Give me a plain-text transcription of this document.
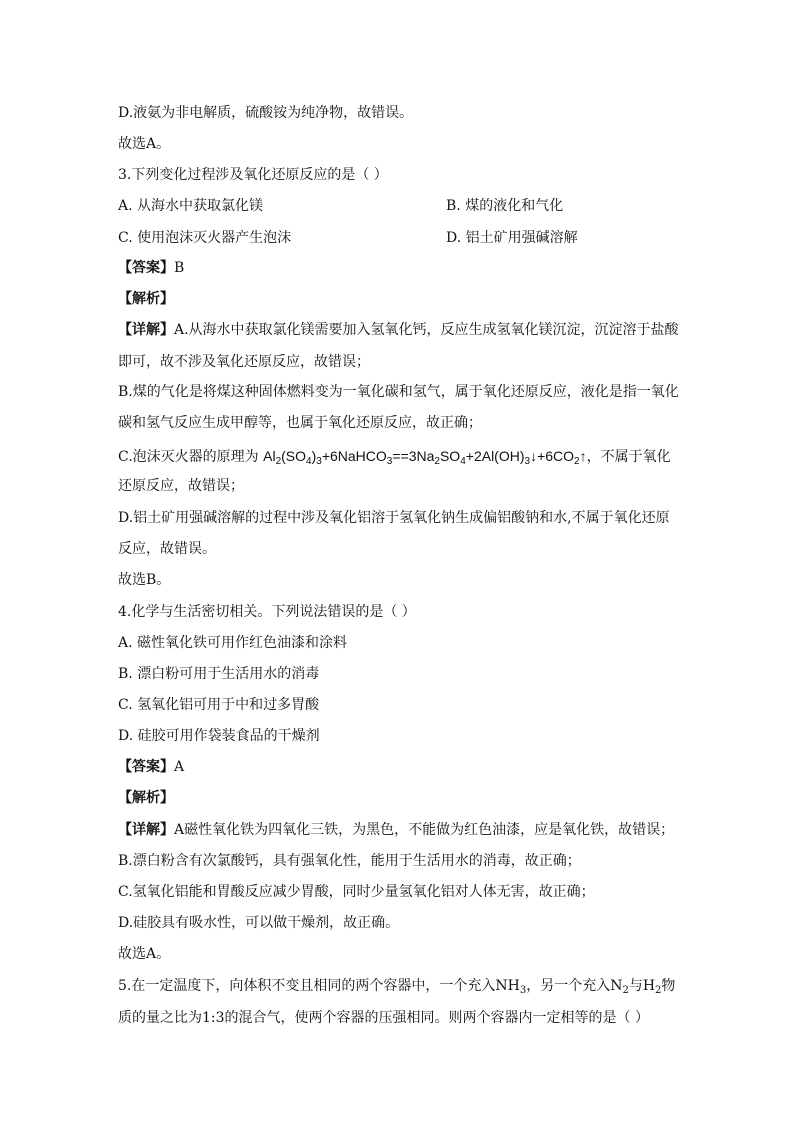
D.液氨为非电解质，硫酸铵为纯净物，故错误。
故选A。
3.下列变化过程涉及氧化还原反应的是（ ）
A. 从海水中获取氯化镁	B. 煤的液化和气化
C. 使用泡沫灭火器产生泡沫	D. 铝土矿用强碱溶解
【答案】B
【解析】
【详解】A.从海水中获取氯化镁需要加入氢氧化钙，反应生成氢氧化镁沉淀，沉淀溶于盐酸
即可，故不涉及氧化还原反应，故错误；
B.煤的气化是将煤这种固体燃料变为一氧化碳和氢气，属于氧化还原反应，液化是指一氧化
碳和氢气反应生成甲醇等，也属于氧化还原反应，故正确；
C.泡沫灭火器的原理为 $Al_2(SO_4)_3+6NaHCO_3==3Na_2SO_4+2Al(OH)_3↓+6CO_2↑$，不属于氧化
还原反应，故错误；
D.铝土矿用强碱溶解的过程中涉及氧化铝溶于氢氧化钠生成偏铝酸钠和水,不属于氧化还原
反应，故错误。
故选B。
4.化学与生活密切相关。下列说法错误的是（ ）
A. 磁性氧化铁可用作红色油漆和涂料
B. 漂白粉可用于生活用水的消毒
C. 氢氧化铝可用于中和过多胃酸
D. 硅胶可用作袋装食品的干燥剂
【答案】A
【解析】
【详解】A磁性氧化铁为四氧化三铁，为黑色，不能做为红色油漆，应是氧化铁，故错误；
B.漂白粉含有次氯酸钙，具有强氧化性，能用于生活用水的消毒，故正确；
C.氢氧化铝能和胃酸反应减少胃酸，同时少量氢氧化铝对人体无害，故正确；
D.硅胶具有吸水性，可以做干燥剂，故正确。
故选A。
5.在一定温度下，向体积不变且相同的两个容器中，一个充入$NH_3$，另一个充入$N_2$与$H_2$物
质的量之比为1:3的混合气，使两个容器的压强相同。则两个容器内一定相等的是（ ）
